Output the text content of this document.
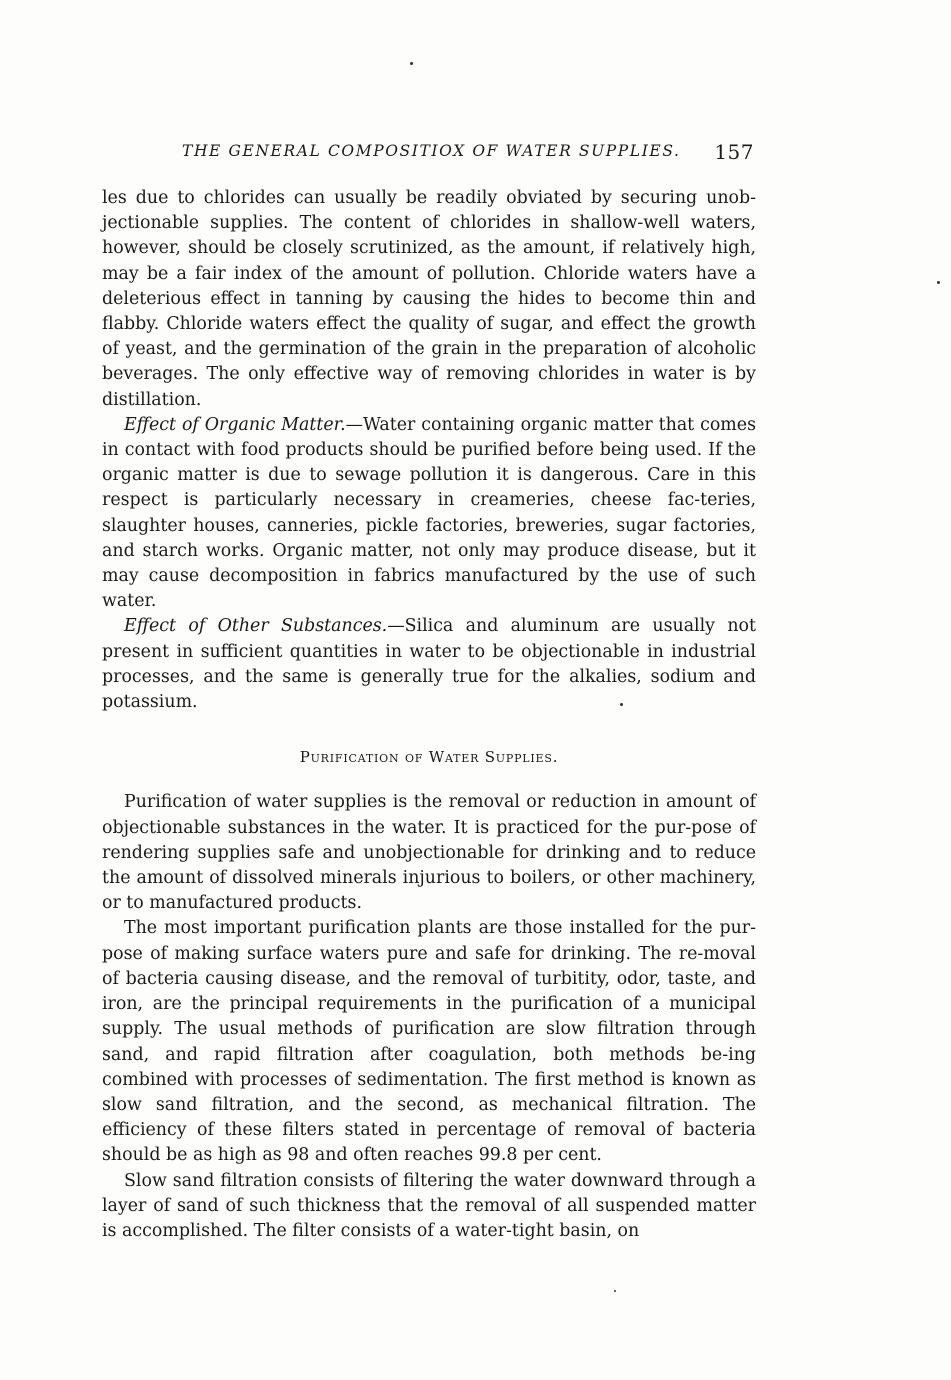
THE GENERAL COMPOSITIOX OF WATER SUPPLIES. 157

les due to chlorides can usually be readily obviated by securing unob-jectionable supplies. The content of chlorides in shallow-well waters, however, should be closely scrutinized, as the amount, if relatively high, may be a fair index of the amount of pollution. Chloride waters have a deleterious effect in tanning by causing the hides to become thin and flabby. Chloride waters effect the quality of sugar, and effect the growth of yeast, and the germination of the grain in the preparation of alcoholic beverages. The only effective way of removing chlorides in water is by distillation.

Effect of Organic Matter.—Water containing organic matter that comes in contact with food products should be purified before being used. If the organic matter is due to sewage pollution it is dangerous. Care in this respect is particularly necessary in creameries, cheese fac-teries, slaughter houses, canneries, pickle factories, breweries, sugar factories, and starch works. Organic matter, not only may produce disease, but it may cause decomposition in fabrics manufactured by the use of such water.

Effect of Other Substances.—Silica and aluminum are usually not present in sufficient quantities in water to be objectionable in industrial processes, and the same is generally true for the alkalies, sodium and potassium.

Purification of Water Supplies.

Purification of water supplies is the removal or reduction in amount of objectionable substances in the water. It is practiced for the pur-pose of rendering supplies safe and unobjectionable for drinking and to reduce the amount of dissolved minerals injurious to boilers, or other machinery, or to manufactured products.

The most important purification plants are those installed for the pur-pose of making surface waters pure and safe for drinking. The re-moval of bacteria causing disease, and the removal of turbitity, odor, taste, and iron, are the principal requirements in the purification of a municipal supply. The usual methods of purification are slow filtration through sand, and rapid filtration after coagulation, both methods be-ing combined with processes of sedimentation. The first method is known as slow sand filtration, and the second, as mechanical filtration. The efficiency of these filters stated in percentage of removal of bacteria should be as high as 98 and often reaches 99.8 per cent.

Slow sand filtration consists of filtering the water downward through a layer of sand of such thickness that the removal of all suspended matter is accomplished. The filter consists of a water-tight basin, on
